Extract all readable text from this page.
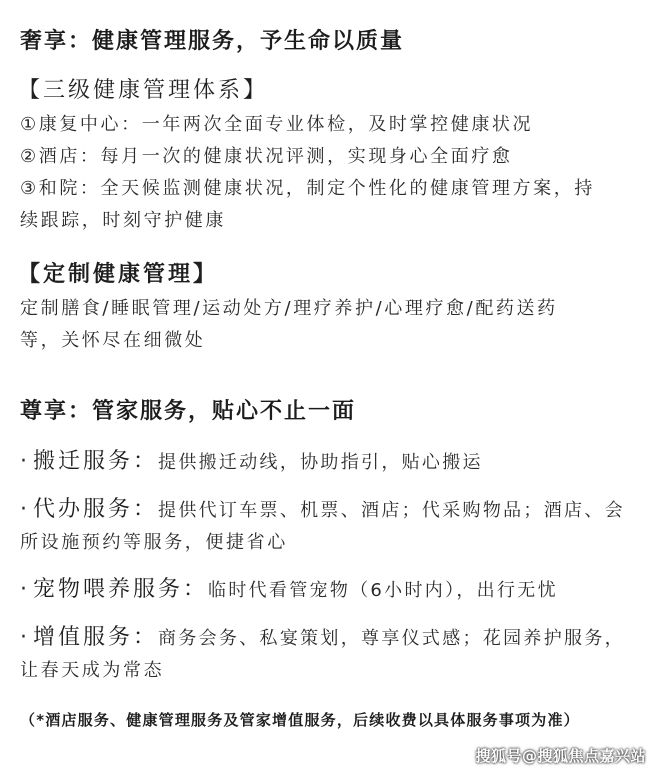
奢享：健康管理服务，予生命以质量
【三级健康管理体系】
①康复中心：一年两次全面专业体检，及时掌控健康状况
②酒店：每月一次的健康状况评测，实现身心全面疗愈
③和院：全天候监测健康状况，制定个性化的健康管理方案，持
续跟踪，时刻守护健康
【定制健康管理】
定制膳食/睡眠管理/运动处方/理疗养护/心理疗愈/配药送药
等，关怀尽在细微处
尊享：管家服务，贴心不止一面
· 搬迁服务：提供搬迁动线，协助指引，贴心搬运
· 代办服务：提供代订车票、机票、酒店；代采购物品；酒店、会
所设施预约等服务，便捷省心
· 宠物喂养服务：临时代看管宠物（6小时内），出行无忧
· 增值服务：商务会务、私宴策划，尊享仪式感；花园养护服务，
让春天成为常态
（*酒店服务、健康管理服务及管家增值服务，后续收费以具体服务事项为准）
搜狐号@搜狐焦点嘉兴站
